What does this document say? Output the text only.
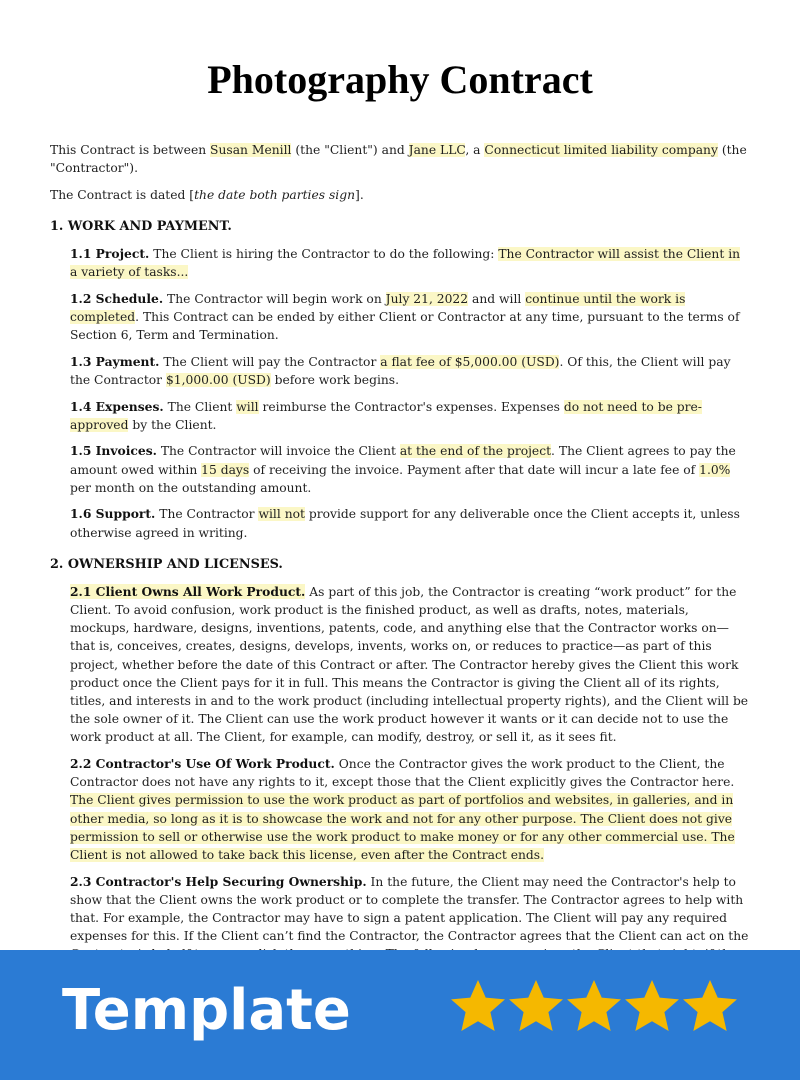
Photography Contract

This Contract is between Susan Menill (the "Client") and Jane LLC, a Connecticut limited liability company (the "Contractor").

The Contract is dated [the date both parties sign].

1. WORK AND PAYMENT.

1.1 Project. The Client is hiring the Contractor to do the following: The Contractor will assist the Client in a variety of tasks...

1.2 Schedule. The Contractor will begin work on July 21, 2022 and will continue until the work is completed. This Contract can be ended by either Client or Contractor at any time, pursuant to the terms of Section 6, Term and Termination.

1.3 Payment. The Client will pay the Contractor a flat fee of $5,000.00 (USD). Of this, the Client will pay the Contractor $1,000.00 (USD) before work begins.

1.4 Expenses. The Client will reimburse the Contractor's expenses. Expenses do not need to be pre-approved by the Client.

1.5 Invoices. The Contractor will invoice the Client at the end of the project. The Client agrees to pay the amount owed within 15 days of receiving the invoice. Payment after that date will incur a late fee of 1.0% per month on the outstanding amount.

1.6 Support. The Contractor will not provide support for any deliverable once the Client accepts it, unless otherwise agreed in writing.

2. OWNERSHIP AND LICENSES.

2.1 Client Owns All Work Product. As part of this job, the Contractor is creating “work product” for the Client. To avoid confusion, work product is the finished product, as well as drafts, notes, materials, mockups, hardware, designs, inventions, patents, code, and anything else that the Contractor works on—that is, conceives, creates, designs, develops, invents, works on, or reduces to practice—as part of this project, whether before the date of this Contract or after. The Contractor hereby gives the Client this work product once the Client pays for it in full. This means the Contractor is giving the Client all of its rights, titles, and interests in and to the work product (including intellectual property rights), and the Client will be the sole owner of it. The Client can use the work product however it wants or it can decide not to use the work product at all. The Client, for example, can modify, destroy, or sell it, as it sees fit.

2.2 Contractor's Use Of Work Product. Once the Contractor gives the work product to the Client, the Contractor does not have any rights to it, except those that the Client explicitly gives the Contractor here. The Client gives permission to use the work product as part of portfolios and websites, in galleries, and in other media, so long as it is to showcase the work and not for any other purpose. The Client does not give permission to sell or otherwise use the work product to make money or for any other commercial use. The Client is not allowed to take back this license, even after the Contract ends.

2.3 Contractor's Help Securing Ownership. In the future, the Client may need the Contractor's help to show that the Client owns the work product or to complete the transfer. The Contractor agrees to help with that. For example, the Contractor may have to sign a patent application. The Client will pay any required expenses for this. If the Client can’t find the Contractor, the Contractor agrees that the Client can act on the

Template
